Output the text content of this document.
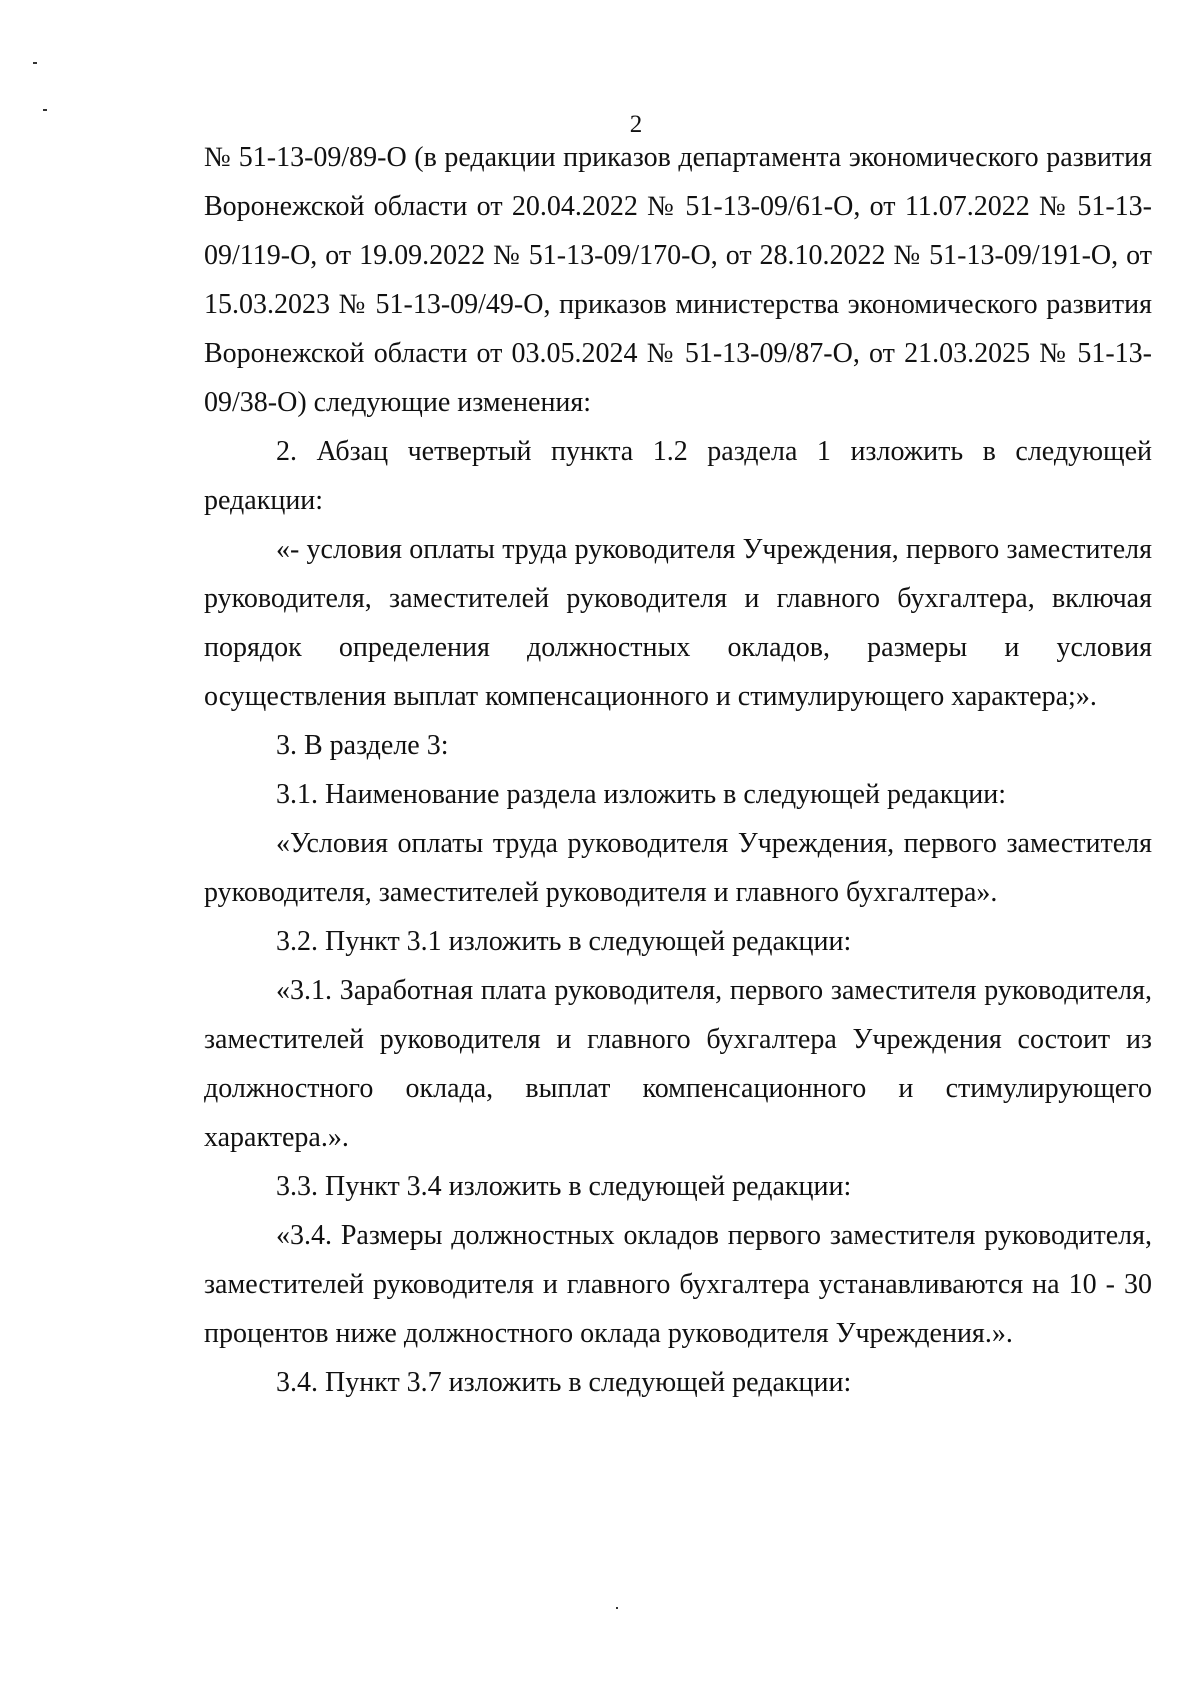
2

№ 51-13-09/89-О (в редакции приказов департамента экономического развития Воронежской области от 20.04.2022 № 51-13-09/61-О, от 11.07.2022 № 51-13-09/119-О, от 19.09.2022 № 51-13-09/170-О, от 28.10.2022 № 51-13-09/191-О, от 15.03.2023 № 51-13-09/49-О, приказов министерства экономического развития Воронежской области от 03.05.2024 № 51-13-09/87-О, от 21.03.2025 № 51-13-09/38-О) следующие изменения:

2. Абзац четвертый пункта 1.2 раздела 1 изложить в следующей редакции:

«- условия оплаты труда руководителя Учреждения, первого заместителя руководителя, заместителей руководителя и главного бухгалтера, включая порядок определения должностных окладов, размеры и условия осуществления выплат компенсационного и стимулирующего характера;».

3. В разделе 3:

3.1. Наименование раздела изложить в следующей редакции:

«Условия оплаты труда руководителя Учреждения, первого заместителя руководителя, заместителей руководителя и главного бухгалтера».

3.2. Пункт 3.1 изложить в следующей редакции:

«3.1. Заработная плата руководителя, первого заместителя руководителя, заместителей руководителя и главного бухгалтера Учреждения состоит из должностного оклада, выплат компенсационного и стимулирующего характера.».

3.3. Пункт 3.4 изложить в следующей редакции:

«3.4. Размеры должностных окладов первого заместителя руководителя, заместителей руководителя и главного бухгалтера устанавливаются на 10 - 30 процентов ниже должностного оклада руководителя Учреждения.».

3.4. Пункт 3.7 изложить в следующей редакции:
